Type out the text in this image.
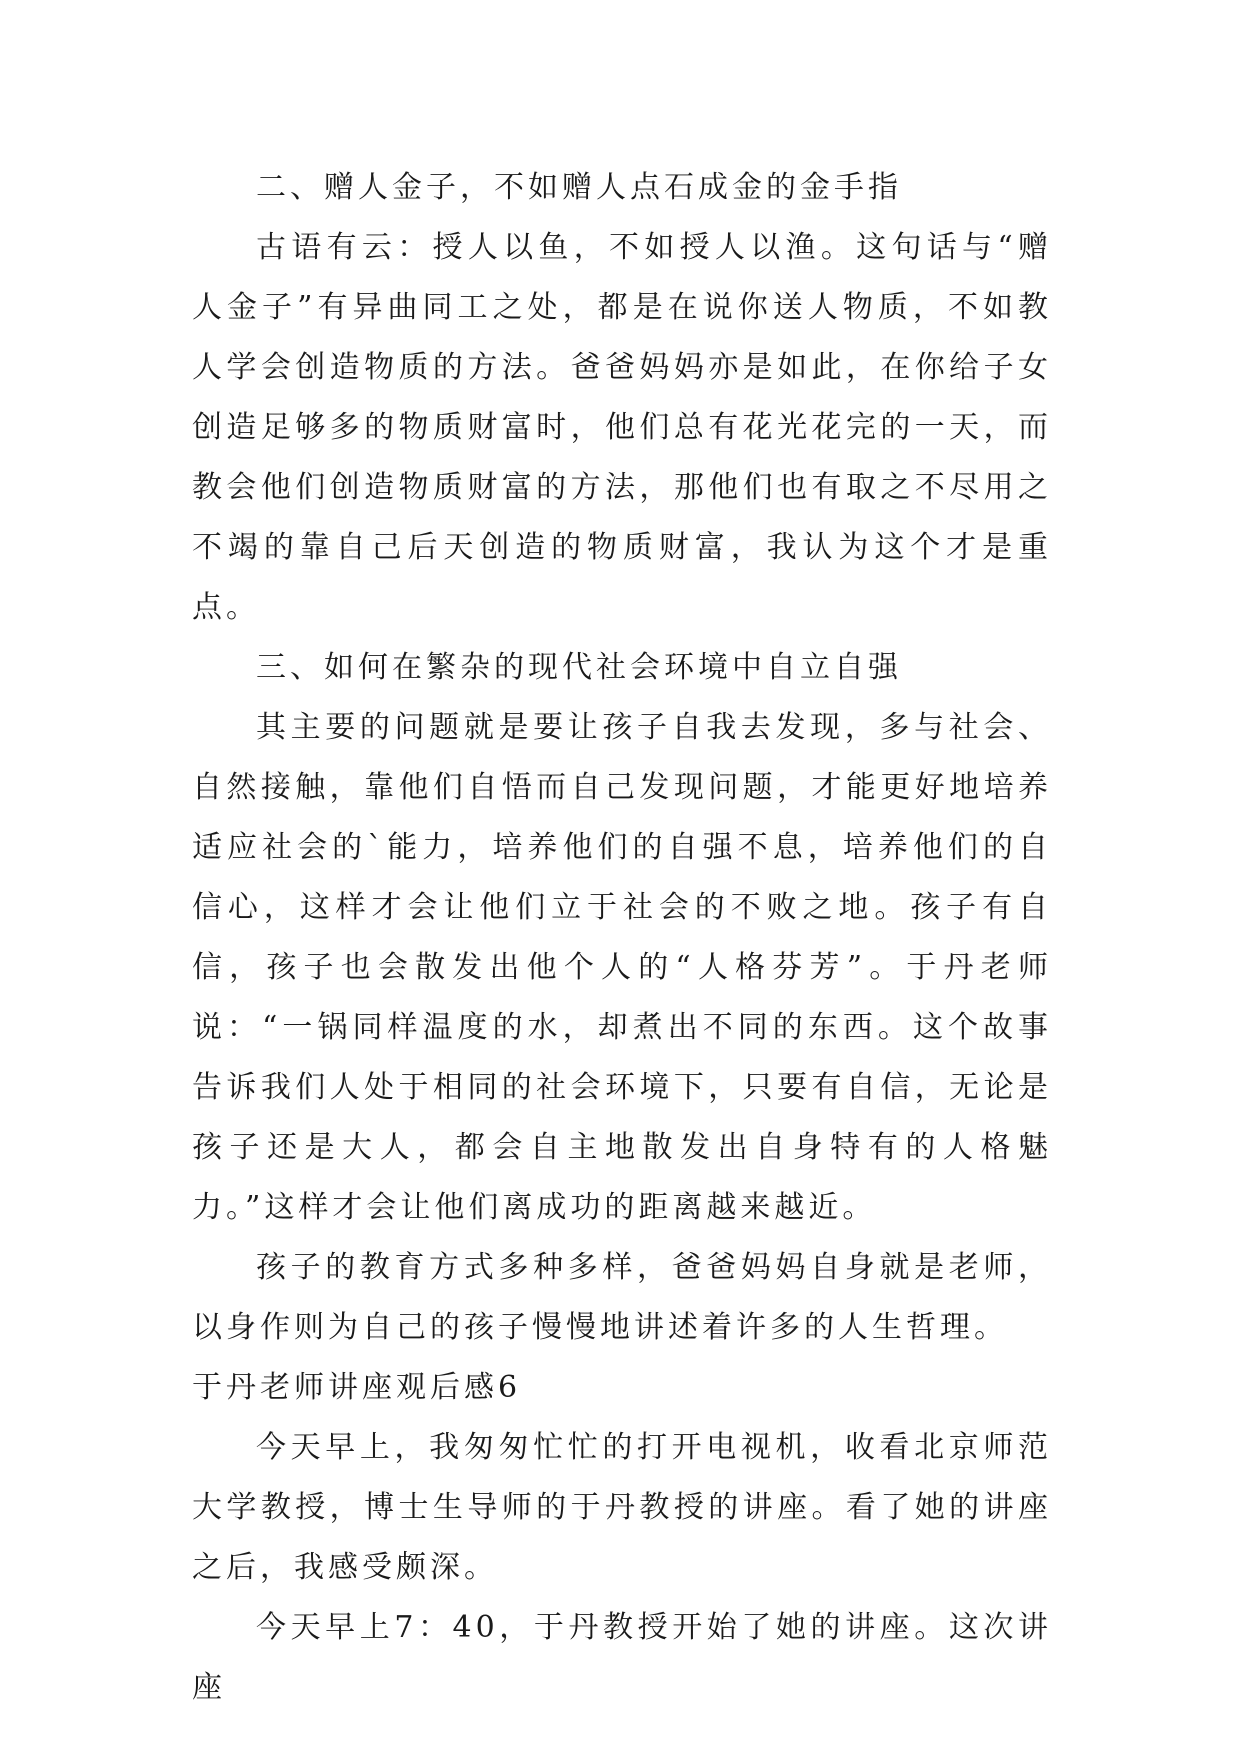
二、赠人金子，不如赠人点石成金的金手指

古语有云：授人以鱼，不如授人以渔。这句话与“赠人金子”有异曲同工之处，都是在说你送人物质，不如教人学会创造物质的方法。爸爸妈妈亦是如此，在你给子女创造足够多的物质财富时，他们总有花光花完的一天，而教会他们创造物质财富的方法，那他们也有取之不尽用之不竭的靠自己后天创造的物质财富，我认为这个才是重点。

三、如何在繁杂的现代社会环境中自立自强

其主要的问题就是要让孩子自我去发现，多与社会、自然接触，靠他们自悟而自己发现问题，才能更好地培养适应社会的`能力，培养他们的自强不息，培养他们的自信心，这样才会让他们立于社会的不败之地。孩子有自信，孩子也会散发出他个人的“人格芬芳”。于丹老师说：“一锅同样温度的水，却煮出不同的东西。这个故事告诉我们人处于相同的社会环境下，只要有自信，无论是孩子还是大人，都会自主地散发出自身特有的人格魅力。”这样才会让他们离成功的距离越来越近。

孩子的教育方式多种多样，爸爸妈妈自身就是老师，以身作则为自己的孩子慢慢地讲述着许多的人生哲理。

于丹老师讲座观后感6

今天早上，我匆匆忙忙的打开电视机，收看北京师范大学教授，博士生导师的于丹教授的讲座。看了她的讲座之后，我感受颇深。

今天早上7：40，于丹教授开始了她的讲座。这次讲座
